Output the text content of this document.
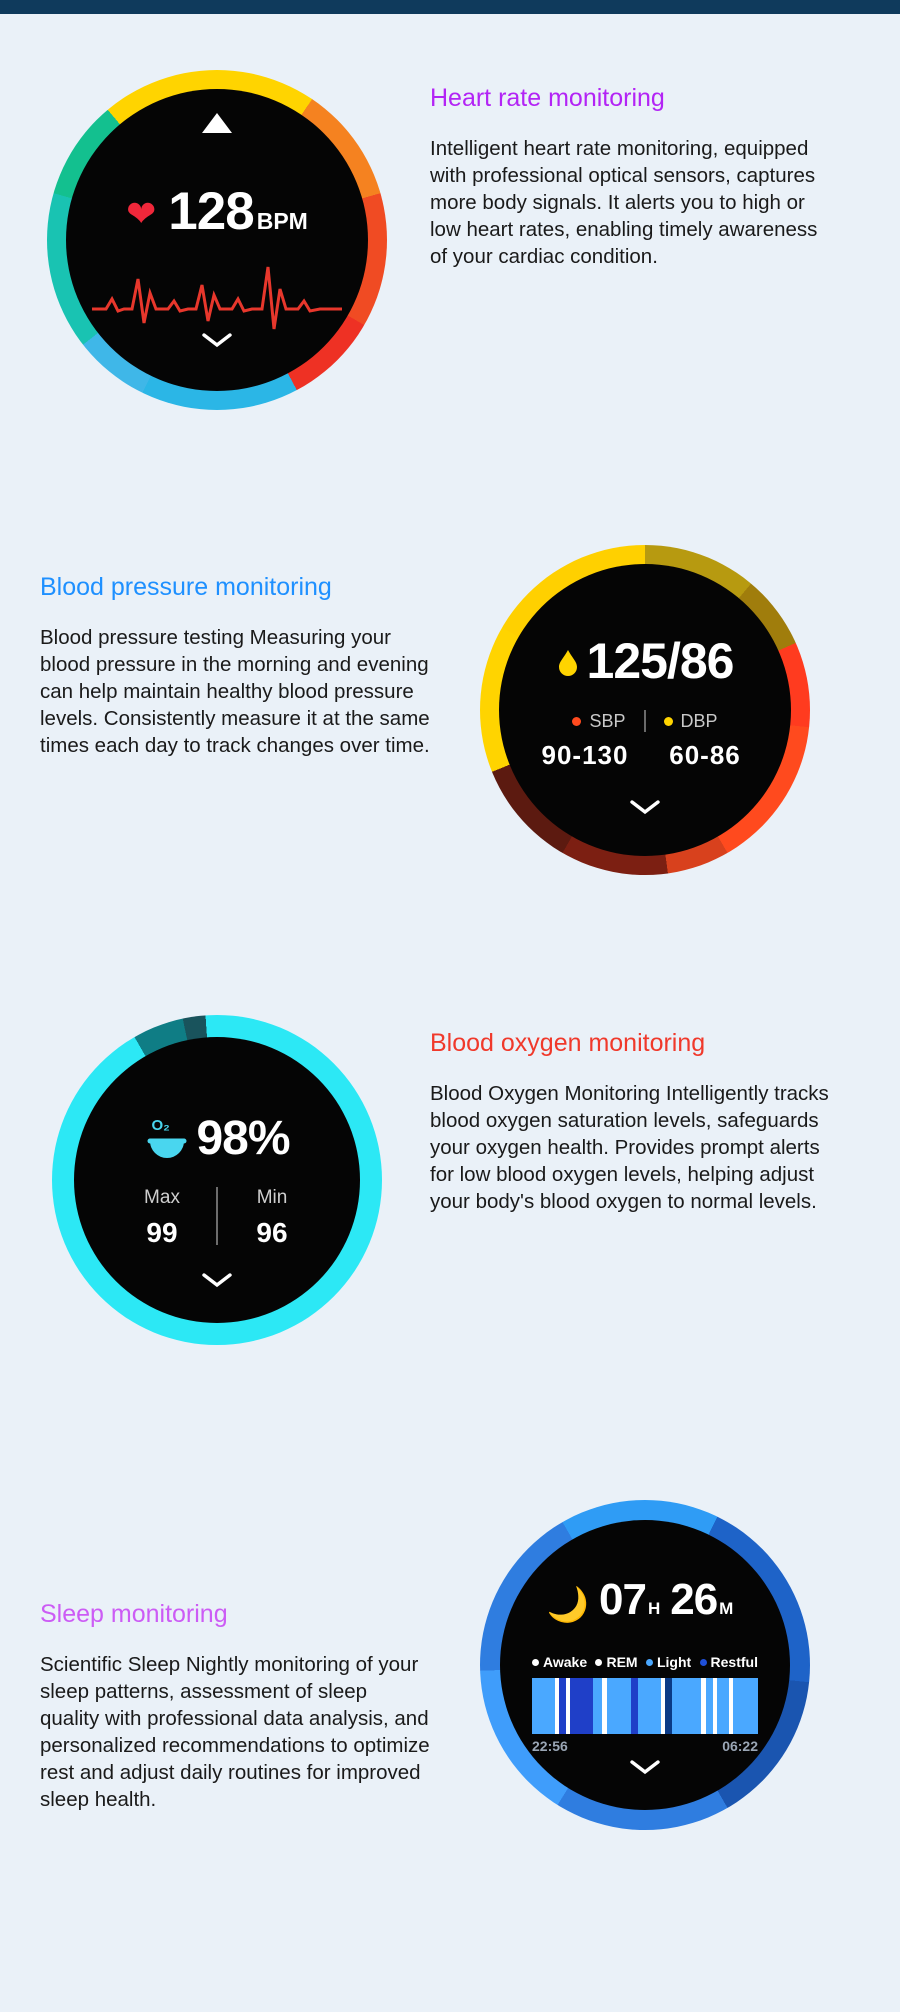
❤ 128 BPM
Heart rate monitoring

Intelligent heart rate monitoring, equipped with professional optical sensors, captures more body signals. It alerts you to high or low heart rates, enabling timely awareness of your cardiac condition.

Blood pressure monitoring

Blood pressure testing Measuring your blood pressure in the morning and evening can help maintain healthy blood pressure levels. Consistently measure it at the same times each day to track changes over time.

125/86
SBP	DBP
90-130	60-86
O₂ 98%
Max	Min
99	96
Blood oxygen monitoring

Blood Oxygen Monitoring Intelligently tracks blood oxygen saturation levels, safeguards your oxygen health. Provides prompt alerts for low blood oxygen levels, helping adjust your body's blood oxygen to normal levels.

Sleep monitoring

Scientific Sleep Nightly monitoring of your sleep patterns, assessment of sleep quality with professional data analysis, and personalized recommendations to optimize rest and adjust daily routines for improved sleep health.

🌙 07 H 26 M
Awake REM Light Restful
22:56	06:22
